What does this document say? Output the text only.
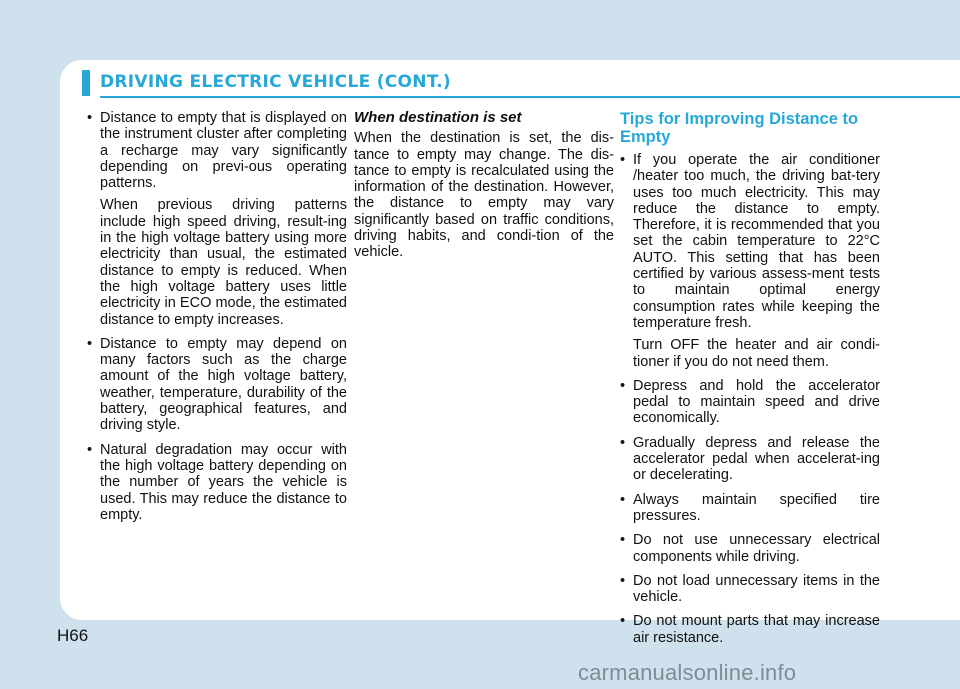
DRIVING ELECTRIC VEHICLE (CONT.)
• Distance to empty that is displayed on the instrument cluster after completing a recharge may vary significantly depending on previ-ous operating patterns.

When previous driving patterns include high speed driving, result-ing in the high voltage battery using more electricity than usual, the estimated distance to empty is reduced. When the high voltage battery uses little electricity in ECO mode, the estimated distance to empty increases.

• Distance to empty may depend on many factors such as the charge amount of the high voltage battery, weather, temperature, durability of the battery, geographical features, and driving style.
• Natural degradation may occur with the high voltage battery depending on the number of years the vehicle is used. This may reduce the distance to empty.
When destination is set

When the destination is set, the dis-tance to empty may change. The dis-tance to empty is recalculated using the information of the destination. However, the distance to empty may vary significantly based on traffic conditions, driving habits, and condi-tion of the vehicle.

Tips for Improving Distance to Empty
• If you operate the air conditioner /heater too much, the driving bat-tery uses too much electricity. This may reduce the distance to empty. Therefore, it is recommended that you set the cabin temperature to 22°C AUTO. This setting that has been certified by various assess-ment tests to maintain optimal energy consumption rates while keeping the temperature fresh.

Turn OFF the heater and air condi-tioner if you do not need them.

• Depress and hold the accelerator pedal to maintain speed and drive economically.
• Gradually depress and release the accelerator pedal when accelerat-ing or decelerating.
• Always maintain specified tire pressures.
• Do not use unnecessary electrical components while driving.
• Do not load unnecessary items in the vehicle.
• Do not mount parts that may increase air resistance.
H66
carmanualsonline.info
